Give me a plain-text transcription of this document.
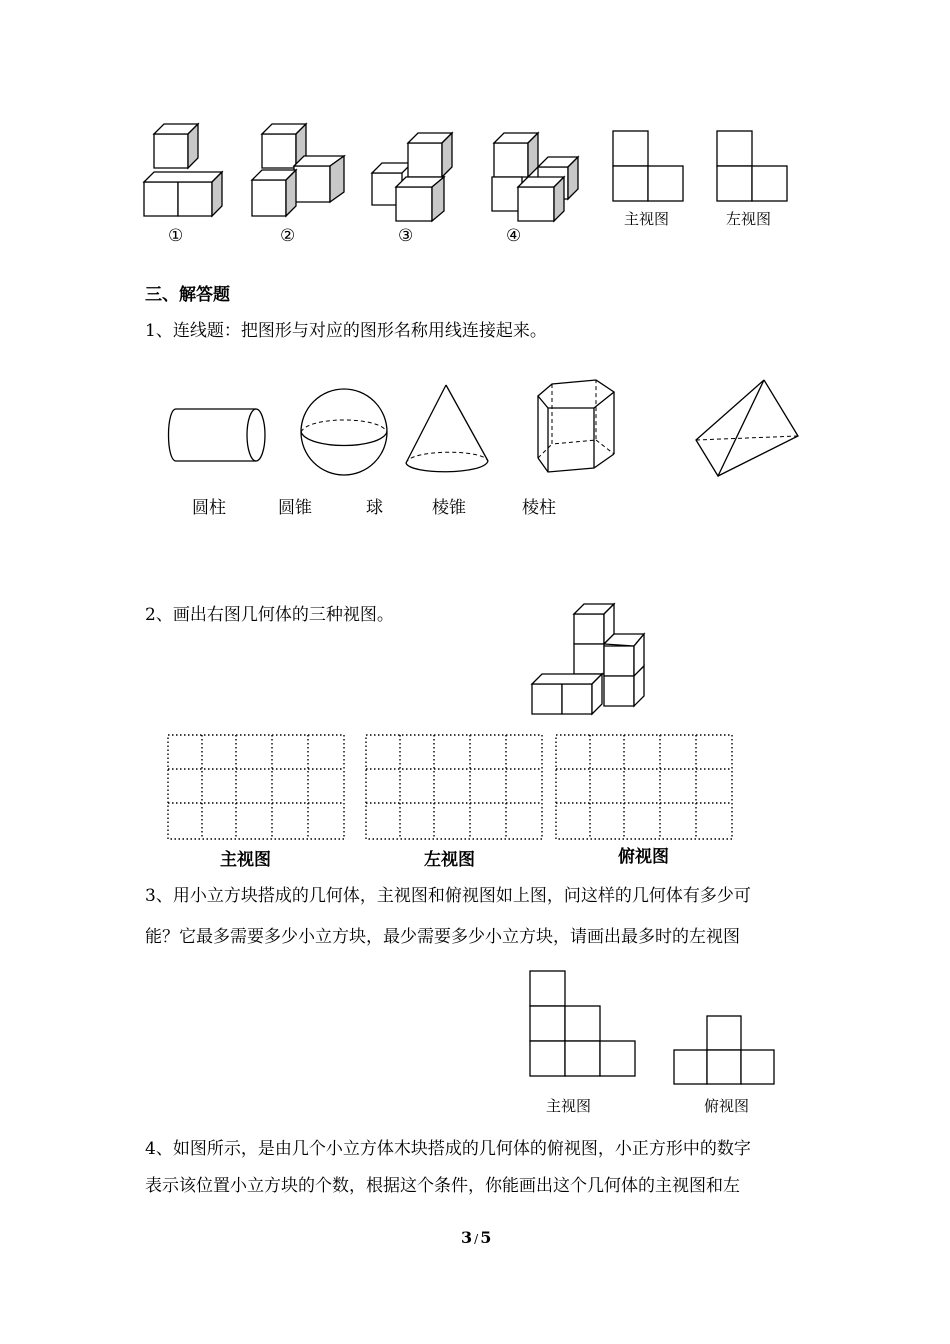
①	②	③	④
主视图	左视图
三、解答题
1、连线题：把图形与对应的图形名称用线连接起来。
圆柱	圆锥	球	棱锥	棱柱
2、画出右图几何体的三种视图。
主视图	左视图	俯视图
3、用小立方块搭成的几何体，主视图和俯视图如上图，问这样的几何体有多少可
能？它最多需要多少小立方块，最少需要多少小立方块，请画出最多时的左视图
主视图	俯视图
4、如图所示，是由几个小立方体木块搭成的几何体的俯视图，小正方形中的数字
表示该位置小立方块的个数，根据这个条件，你能画出这个几何体的主视图和左
3 / 5
